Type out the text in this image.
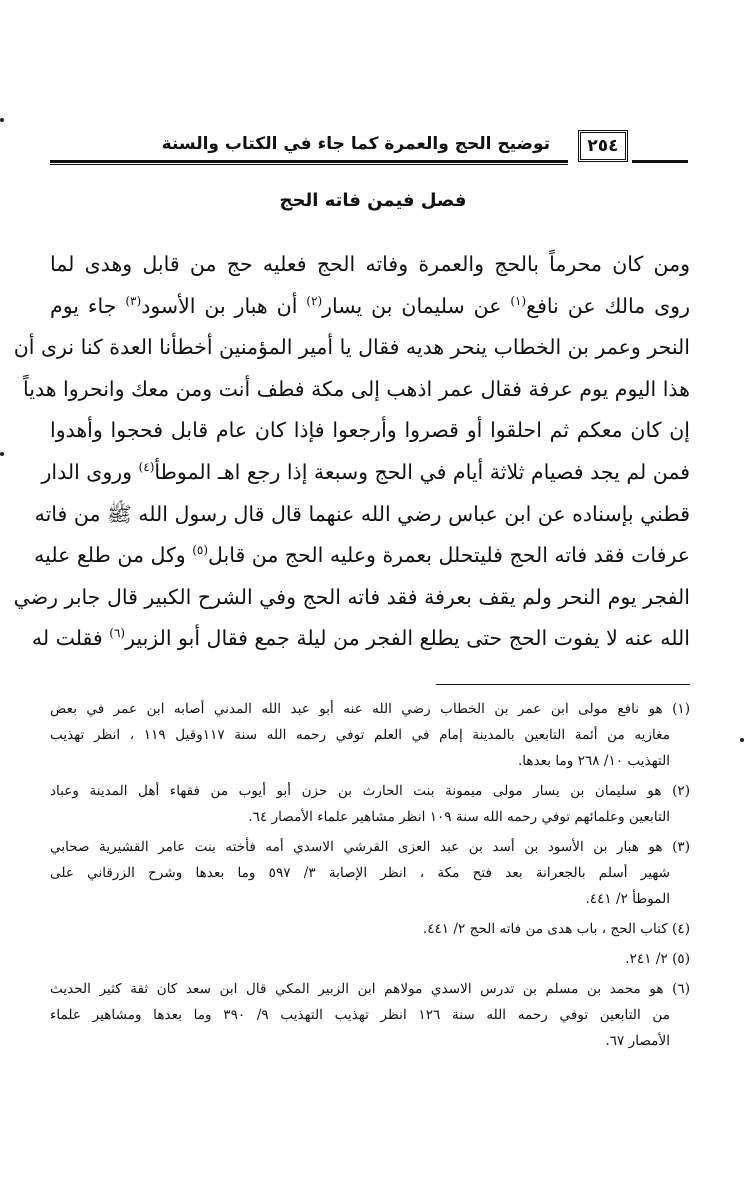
توضيح الحج والعمرة كما جاء في الكتاب والسنة	٢٥٤
فصل فيمن فاته الحج
ومن كان محرماً بالحج والعمرة وفاته الحج فعليه حج من قابل وهدى لما
روى مالك عن نافع$^{(١)}$ عن سليمان بن يسار$^{(٢)}$ أن هبار بن الأسود$^{(٣)}$ جاء يوم
النحر وعمر بن الخطاب ينحر هديه فقال يا أمير المؤمنين أخطأنا العدة كنا نرى أن
هذا اليوم يوم عرفة فقال عمر اذهب إلى مكة فطف أنت ومن معك وانحروا هدياً
إن كان معكم ثم احلقوا أو قصروا وأرجعوا فإذا كان عام قابل فحجوا وأهدوا
فمن لم يجد فصيام ثلاثة أيام في الحج وسبعة إذا رجع اهـ الموطأ$^{(٤)}$ وروى الدار
قطني بإسناده عن ابن عباس رضي الله عنهما قال قال رسول الله ﷺ من فاته
عرفات فقد فاته الحج فليتحلل بعمرة وعليه الحج من قابل$^{(٥)}$ وكل من طلع عليه
الفجر يوم النحر ولم يقف بعرفة فقد فاته الحج وفي الشرح الكبير قال جابر رضي
الله عنه لا يفوت الحج حتى يطلع الفجر من ليلة جمع فقال أبو الزبير$^{(٦)}$ فقلت له
(١) هو نافع مولى ابن عمر بن الخطاب رضي الله عنه أبو عبد الله المدني أصابه ابن عمر في بعض
مغازيه من أئمة التابعين بالمدينة إمام في العلم توفي رحمه الله سنة ١١٧وقيل ١١٩ ، انظر تهذيب
التهذيب ١٠/ ٢٦٨ وما بعدها.
(٢) هو سليمان بن يسار مولى ميمونة بنت الحارث بن حزن أبو أيوب من فقهاء أهل المدينة وعباد
التابعين وعلمائهم توفي رحمه الله سنة ١٠٩ انظر مشاهير علماء الأمصار ٦٤.
(٣) هو هبار بن الأسود بن أسد بن عبد العزى القرشي الاسدي أمه فأخته بنت عامر القشيرية صحابي
شهير أسلم بالجعرانة بعد فتح مكة ، انظر الإصابة ٣/ ٥٩٧ وما بعدها وشرح الزرقاني على
الموطأ ٢/ ٤٤١.
(٤) كتاب الحج ، باب هدى من فاته الحج ٢/ ٤٤١.
(٥) ٢/ ٢٤١.
(٦) هو محمد بن مسلم بن تدرس الاسدي مولاهم ابن الزبير المكي قال ابن سعد كان ثقة كثير الحديث
من التابعين توفي رحمه الله سنة ١٢٦ انظر تهذيب التهذيب ٩/ ٣٩٠ وما بعدها ومشاهير علماء
الأمصار ٦٧.
